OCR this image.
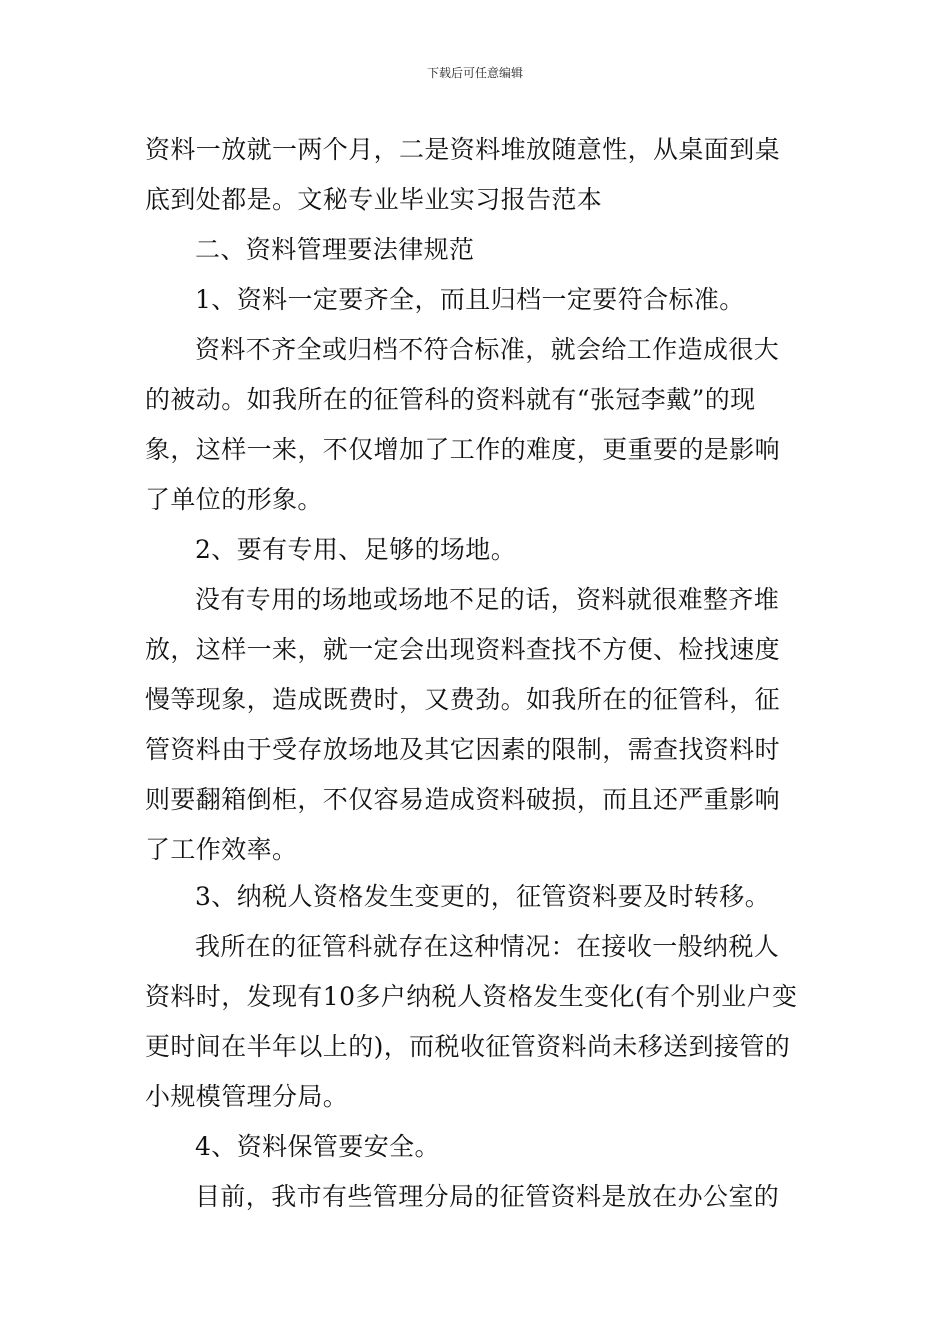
下载后可任意编辑
资料一放就一两个月，二是资料堆放随意性，从桌面到桌
底到处都是。文秘专业毕业实习报告范本
二、资料管理要法律规范
1、资料一定要齐全，而且归档一定要符合标准。
资料不齐全或归档不符合标准，就会给工作造成很大
的被动。如我所在的征管科的资料就有“张冠李戴”的现
象，这样一来，不仅增加了工作的难度，更重要的是影响
了单位的形象。
2、要有专用、足够的场地。
没有专用的场地或场地不足的话，资料就很难整齐堆
放，这样一来，就一定会出现资料查找不方便、检找速度
慢等现象，造成既费时，又费劲。如我所在的征管科，征
管资料由于受存放场地及其它因素的限制，需查找资料时
则要翻箱倒柜，不仅容易造成资料破损，而且还严重影响
了工作效率。
3、纳税人资格发生变更的，征管资料要及时转移。
我所在的征管科就存在这种情况：在接收一般纳税人
资料时，发现有10多户纳税人资格发生变化(有个别业户变
更时间在半年以上的)，而税收征管资料尚未移送到接管的
小规模管理分局。
4、资料保管要安全。
目前，我市有些管理分局的征管资料是放在办公室的
